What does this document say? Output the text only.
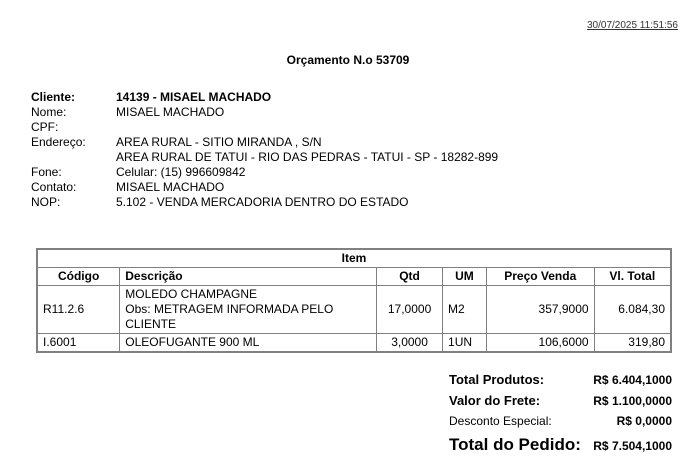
30/07/2025 11:51:56
Orçamento N.o 53709
Cliente:	14139 - MISAEL MACHADO
Nome:	MISAEL MACHADO
CPF:
Endereço:	AREA RURAL - SITIO MIRANDA , S/N
AREA RURAL DE TATUI - RIO DAS PEDRAS - TATUI - SP - 18282-899
Fone:	Celular: (15) 996609842
Contato:	MISAEL MACHADO
NOP:	5.102 - VENDA MERCADORIA DENTRO DO ESTADO
Item					
Código	Descrição	Qtd	UM	Preço Venda	Vl. Total
R11.2.6	MOLEDO CHAMPAGNE
Obs: METRAGEM INFORMADA PELO
CLIENTE	17,0000	M2	357,9000	6.084,30
I.6001	OLEOFUGANTE 900 ML	3,0000	1UN	106,6000	319,80
Total Produtos:	R$ 6.404,1000
Valor do Frete:	R$ 1.100,0000
Desconto Especial:	R$ 0,0000
Total do Pedido: R$ 7.504,1000
